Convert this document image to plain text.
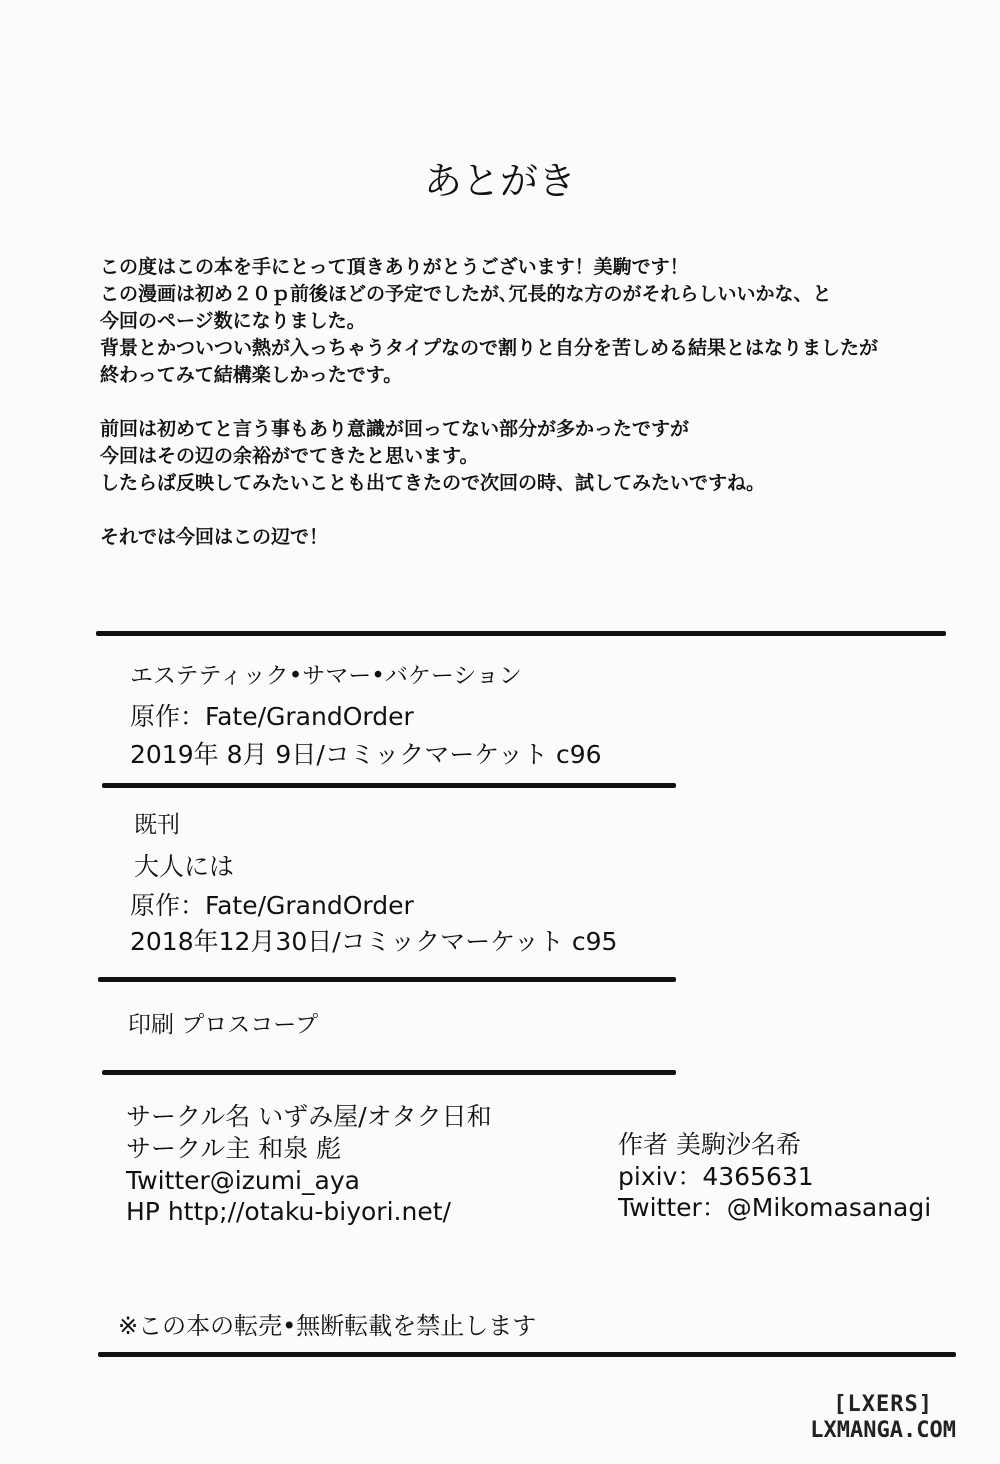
あとがき
この度はこの本を手にとって頂きありがとうございます！美駒です！
この漫画は初め２０ｐ前後ほどの予定でしたが､冗長的な方のがそれらしいいかな、と
今回のページ数になりました。
背景とかついつい熱が入っちゃうタイプなので割りと自分を苦しめる結果とはなりましたが
終わってみて結構楽しかったです。
前回は初めてと言う事もあり意識が回ってない部分が多かったですが
今回はその辺の余裕がでてきたと思います。
したらば反映してみたいことも出てきたので次回の時、試してみたいですね。
それでは今回はこの辺で！
エステティック•サマー•バケーション
原作：Fate/GrandOrder
2019年 8月 9日/コミックマーケット c96
既刊
大人には
原作：Fate/GrandOrder
2018年12月30日/コミックマーケット c95
印刷 プロスコープ
サークル名 いずみ屋/オタク日和
サークル主 和泉 彪
Twitter@izumi_aya
HP http;//otaku-biyori.net/
作者 美駒沙名希
pixiv：4365631
Twitter：@Mikomasanagi
※この本の転売•無断転載を禁止します
[LXERS]
LXMANGA.COM
